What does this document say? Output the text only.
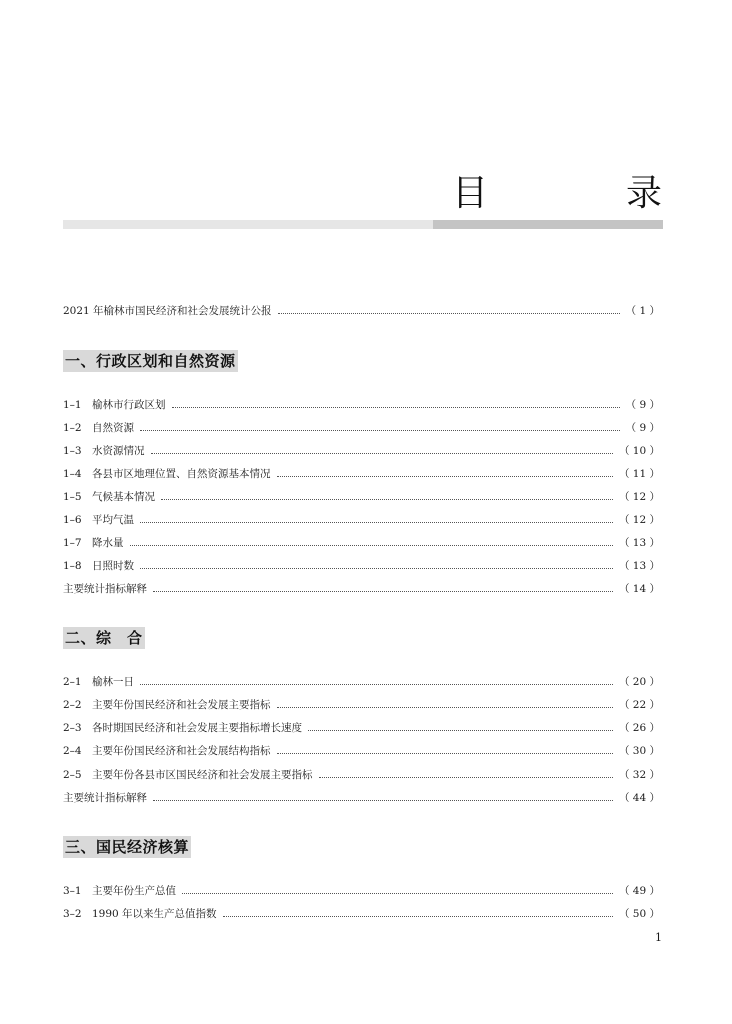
目	录
2021 年榆林市国民经济和社会发展统计公报	（ 1 ）
一、行政区划和自然资源
1–1 榆林市行政区划	（ 9 ）
1–2 自然资源	（ 9 ）
1–3 水资源情况	（ 10 ）
1–4 各县市区地理位置、自然资源基本情况	（ 11 ）
1–5 气候基本情况	（ 12 ）
1–6 平均气温	（ 12 ）
1–7 降水量	（ 13 ）
1–8 日照时数	（ 13 ）
主要统计指标解释	（ 14 ）
二、综　合
2–1 榆林一日	（ 20 ）
2–2 主要年份国民经济和社会发展主要指标	（ 22 ）
2–3 各时期国民经济和社会发展主要指标增长速度	（ 26 ）
2–4 主要年份国民经济和社会发展结构指标	（ 30 ）
2–5 主要年份各县市区国民经济和社会发展主要指标	（ 32 ）
主要统计指标解释	（ 44 ）
三、国民经济核算
3–1 主要年份生产总值	（ 49 ）
3–2 1990 年以来生产总值指数	（ 50 ）
1
